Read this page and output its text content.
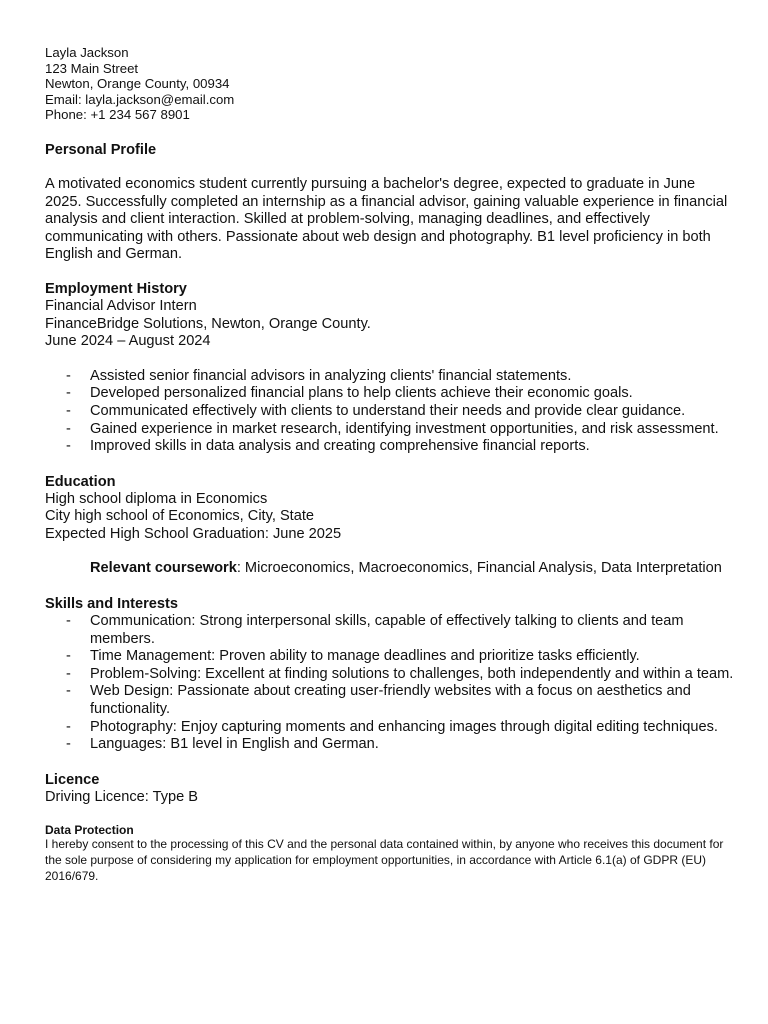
Layla Jackson
123 Main Street
Newton, Orange County, 00934
Email: layla.jackson@email.com
Phone: +1 234 567 8901
Personal Profile
A motivated economics student currently pursuing a bachelor's degree, expected to graduate in June 2025. Successfully completed an internship as a financial advisor, gaining valuable experience in financial analysis and client interaction. Skilled at problem-solving, managing deadlines, and effectively communicating with others. Passionate about web design and photography. B1 level proficiency in both English and German.
Employment History
Financial Advisor Intern
FinanceBridge Solutions, Newton, Orange County.
June 2024 – August 2024
- Assisted senior financial advisors in analyzing clients' financial statements.
- Developed personalized financial plans to help clients achieve their economic goals.
- Communicated effectively with clients to understand their needs and provide clear guidance.
- Gained experience in market research, identifying investment opportunities, and risk assessment.
- Improved skills in data analysis and creating comprehensive financial reports.
Education
High school diploma in Economics
City high school of Economics, City, State
Expected High School Graduation: June 2025
Relevant coursework: Microeconomics, Macroeconomics, Financial Analysis, Data Interpretation
Skills and Interests
- Communication: Strong interpersonal skills, capable of effectively talking to clients and team members.
- Time Management: Proven ability to manage deadlines and prioritize tasks efficiently.
- Problem-Solving: Excellent at finding solutions to challenges, both independently and within a team.
- Web Design: Passionate about creating user-friendly websites with a focus on aesthetics and functionality.
- Photography: Enjoy capturing moments and enhancing images through digital editing techniques.
- Languages: B1 level in English and German.
Licence
Driving Licence: Type B
Data Protection
I hereby consent to the processing of this CV and the personal data contained within, by anyone who receives this document for the sole purpose of considering my application for employment opportunities, in accordance with Article 6.1(a) of GDPR (EU) 2016/679.
